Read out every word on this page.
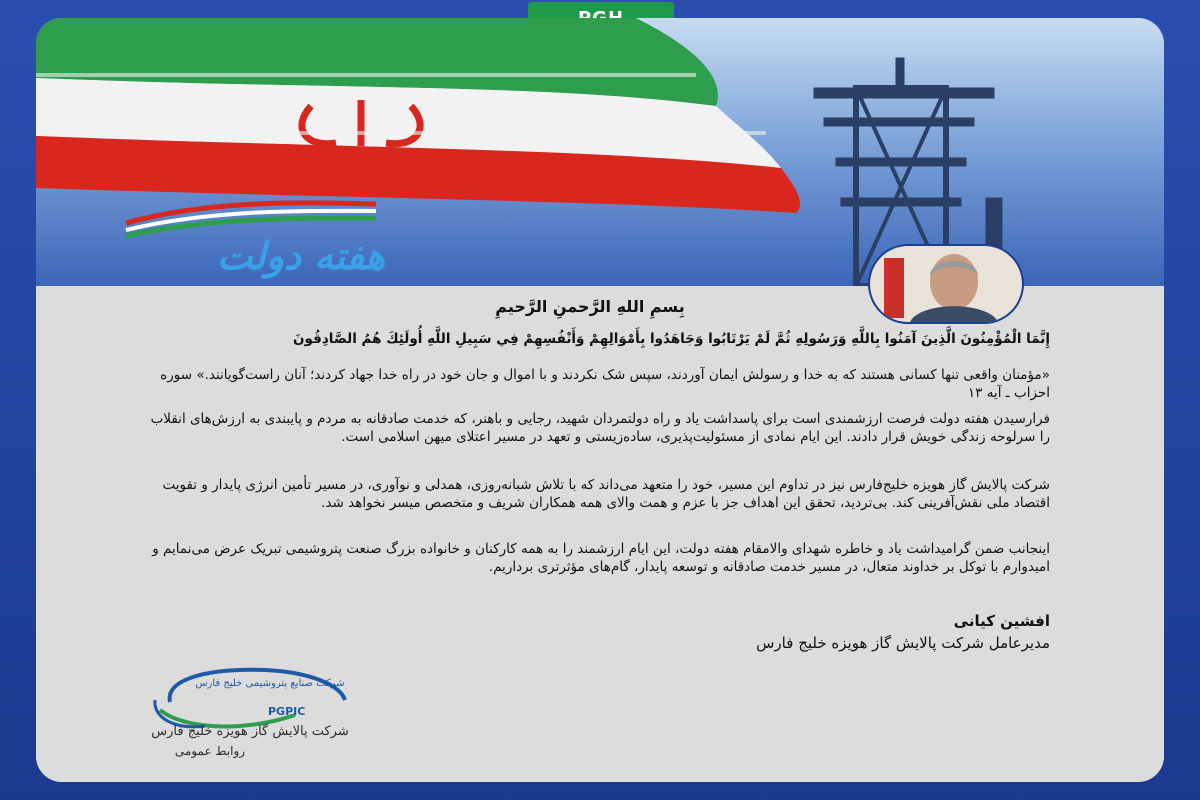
هفته دولت
بِسمِ اللهِ الرَّحمنِ الرَّحیمِ
إِنَّمَا الْمُؤْمِنُونَ الَّذِينَ آمَنُوا بِاللَّهِ وَرَسُولِهِ ثُمَّ لَمْ يَرْتَابُوا وَجَاهَدُوا بِأَمْوَالِهِمْ وَأَنْفُسِهِمْ فِي سَبِيلِ اللَّهِ أُولَئِكَ هُمُ الصَّادِقُونَ
«مؤمنان واقعی تنها کسانی هستند که به خدا و رسولش ایمان آوردند، سپس شک نکردند و با اموال و جان خود در راه خدا جهاد کردند؛ آنان راست‌گویانند.» سوره احزاب ـ آیه ۱۳
فرارسیدن هفته دولت فرصت ارزشمندی است برای پاسداشت یاد و راه دولتمردان شهید، رجایی و باهنر، که خدمت صادقانه به مردم و پایبندی به ارزش‌های انقلاب را سرلوحه زندگی خویش قرار دادند. این ایام نمادی از مسئولیت‌پذیری، ساده‌زیستی و تعهد در مسیر اعتلای میهن اسلامی است.
شرکت پالایش گاز هویزه خلیج‌فارس نیز در تداوم این مسیر، خود را متعهد می‌داند که با تلاش شبانه‌روزی، همدلی و نوآوری، در مسیر تأمین انرژی پایدار و تقویت اقتصاد ملی نقش‌آفرینی کند. بی‌تردید، تحقق این اهداف جز با عزم و همت والای همه همکاران شریف و متخصص میسر نخواهد شد.
اینجانب ضمن گرامیداشت یاد و خاطره شهدای والامقام هفته دولت، این ایام ارزشمند را به همه کارکنان و خانواده بزرگ صنعت پتروشیمی تبریک عرض می‌نمایم و امیدوارم با توکل بر خداوند متعال، در مسیر خدمت صادقانه و توسعه پایدار، گام‌های مؤثرتری برداریم.
افشین کیانی
مدیرعامل شرکت پالایش گاز هویزه خلیج فارس
شرکت صنایع پتروشیمی خلیج فارس
PGPIC
شرکت پالایش گاز هویزه خلیج فارس
روابط عمومی
